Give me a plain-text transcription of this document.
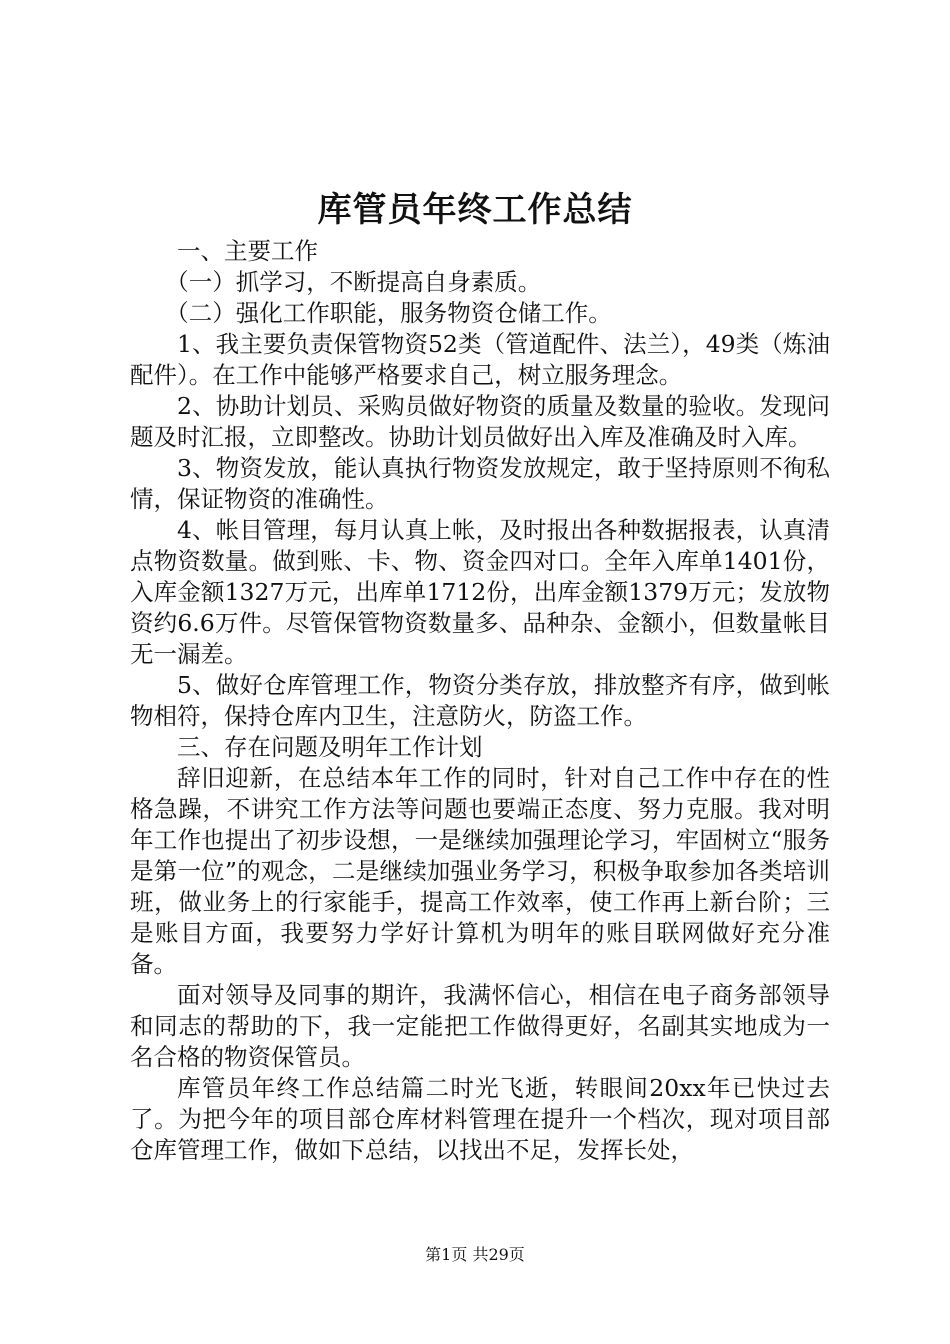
库管员年终工作总结

一、主要工作

（一）抓学习，不断提高自身素质。

（二）强化工作职能，服务物资仓储工作。

1、我主要负责保管物资52类（管道配件、法兰），49类（炼油配件）。在工作中能够严格要求自己，树立服务理念。

2、协助计划员、采购员做好物资的质量及数量的验收。发现问题及时汇报，立即整改。协助计划员做好出入库及准确及时入库。

3、物资发放，能认真执行物资发放规定，敢于坚持原则不徇私情，保证物资的准确性。

4、帐目管理，每月认真上帐，及时报出各种数据报表，认真清点物资数量。做到账、卡、物、资金四对口。全年入库单1401份，入库金额1327万元，出库单1712份，出库金额1379万元；发放物资约6.6万件。尽管保管物资数量多、品种杂、金额小，但数量帐目无一漏差。

5、做好仓库管理工作，物资分类存放，排放整齐有序，做到帐物相符，保持仓库内卫生，注意防火，防盗工作。

三、存在问题及明年工作计划

辞旧迎新，在总结本年工作的同时，针对自己工作中存在的性格急躁，不讲究工作方法等问题也要端正态度、努力克服。我对明年工作也提出了初步设想，一是继续加强理论学习，牢固树立“服务是第一位”的观念，二是继续加强业务学习，积极争取参加各类培训班，做业务上的行家能手，提高工作效率，使工作再上新台阶；三是账目方面，我要努力学好计算机为明年的账目联网做好充分准备。

面对领导及同事的期许，我满怀信心，相信在电子商务部领导和同志的帮助的下，我一定能把工作做得更好，名副其实地成为一名合格的物资保管员。

库管员年终工作总结篇二时光飞逝，转眼间20xx年已快过去了。为把今年的项目部仓库材料管理在提升一个档次，现对项目部仓库管理工作，做如下总结，以找出不足，发挥长处，

第1页 共29页
